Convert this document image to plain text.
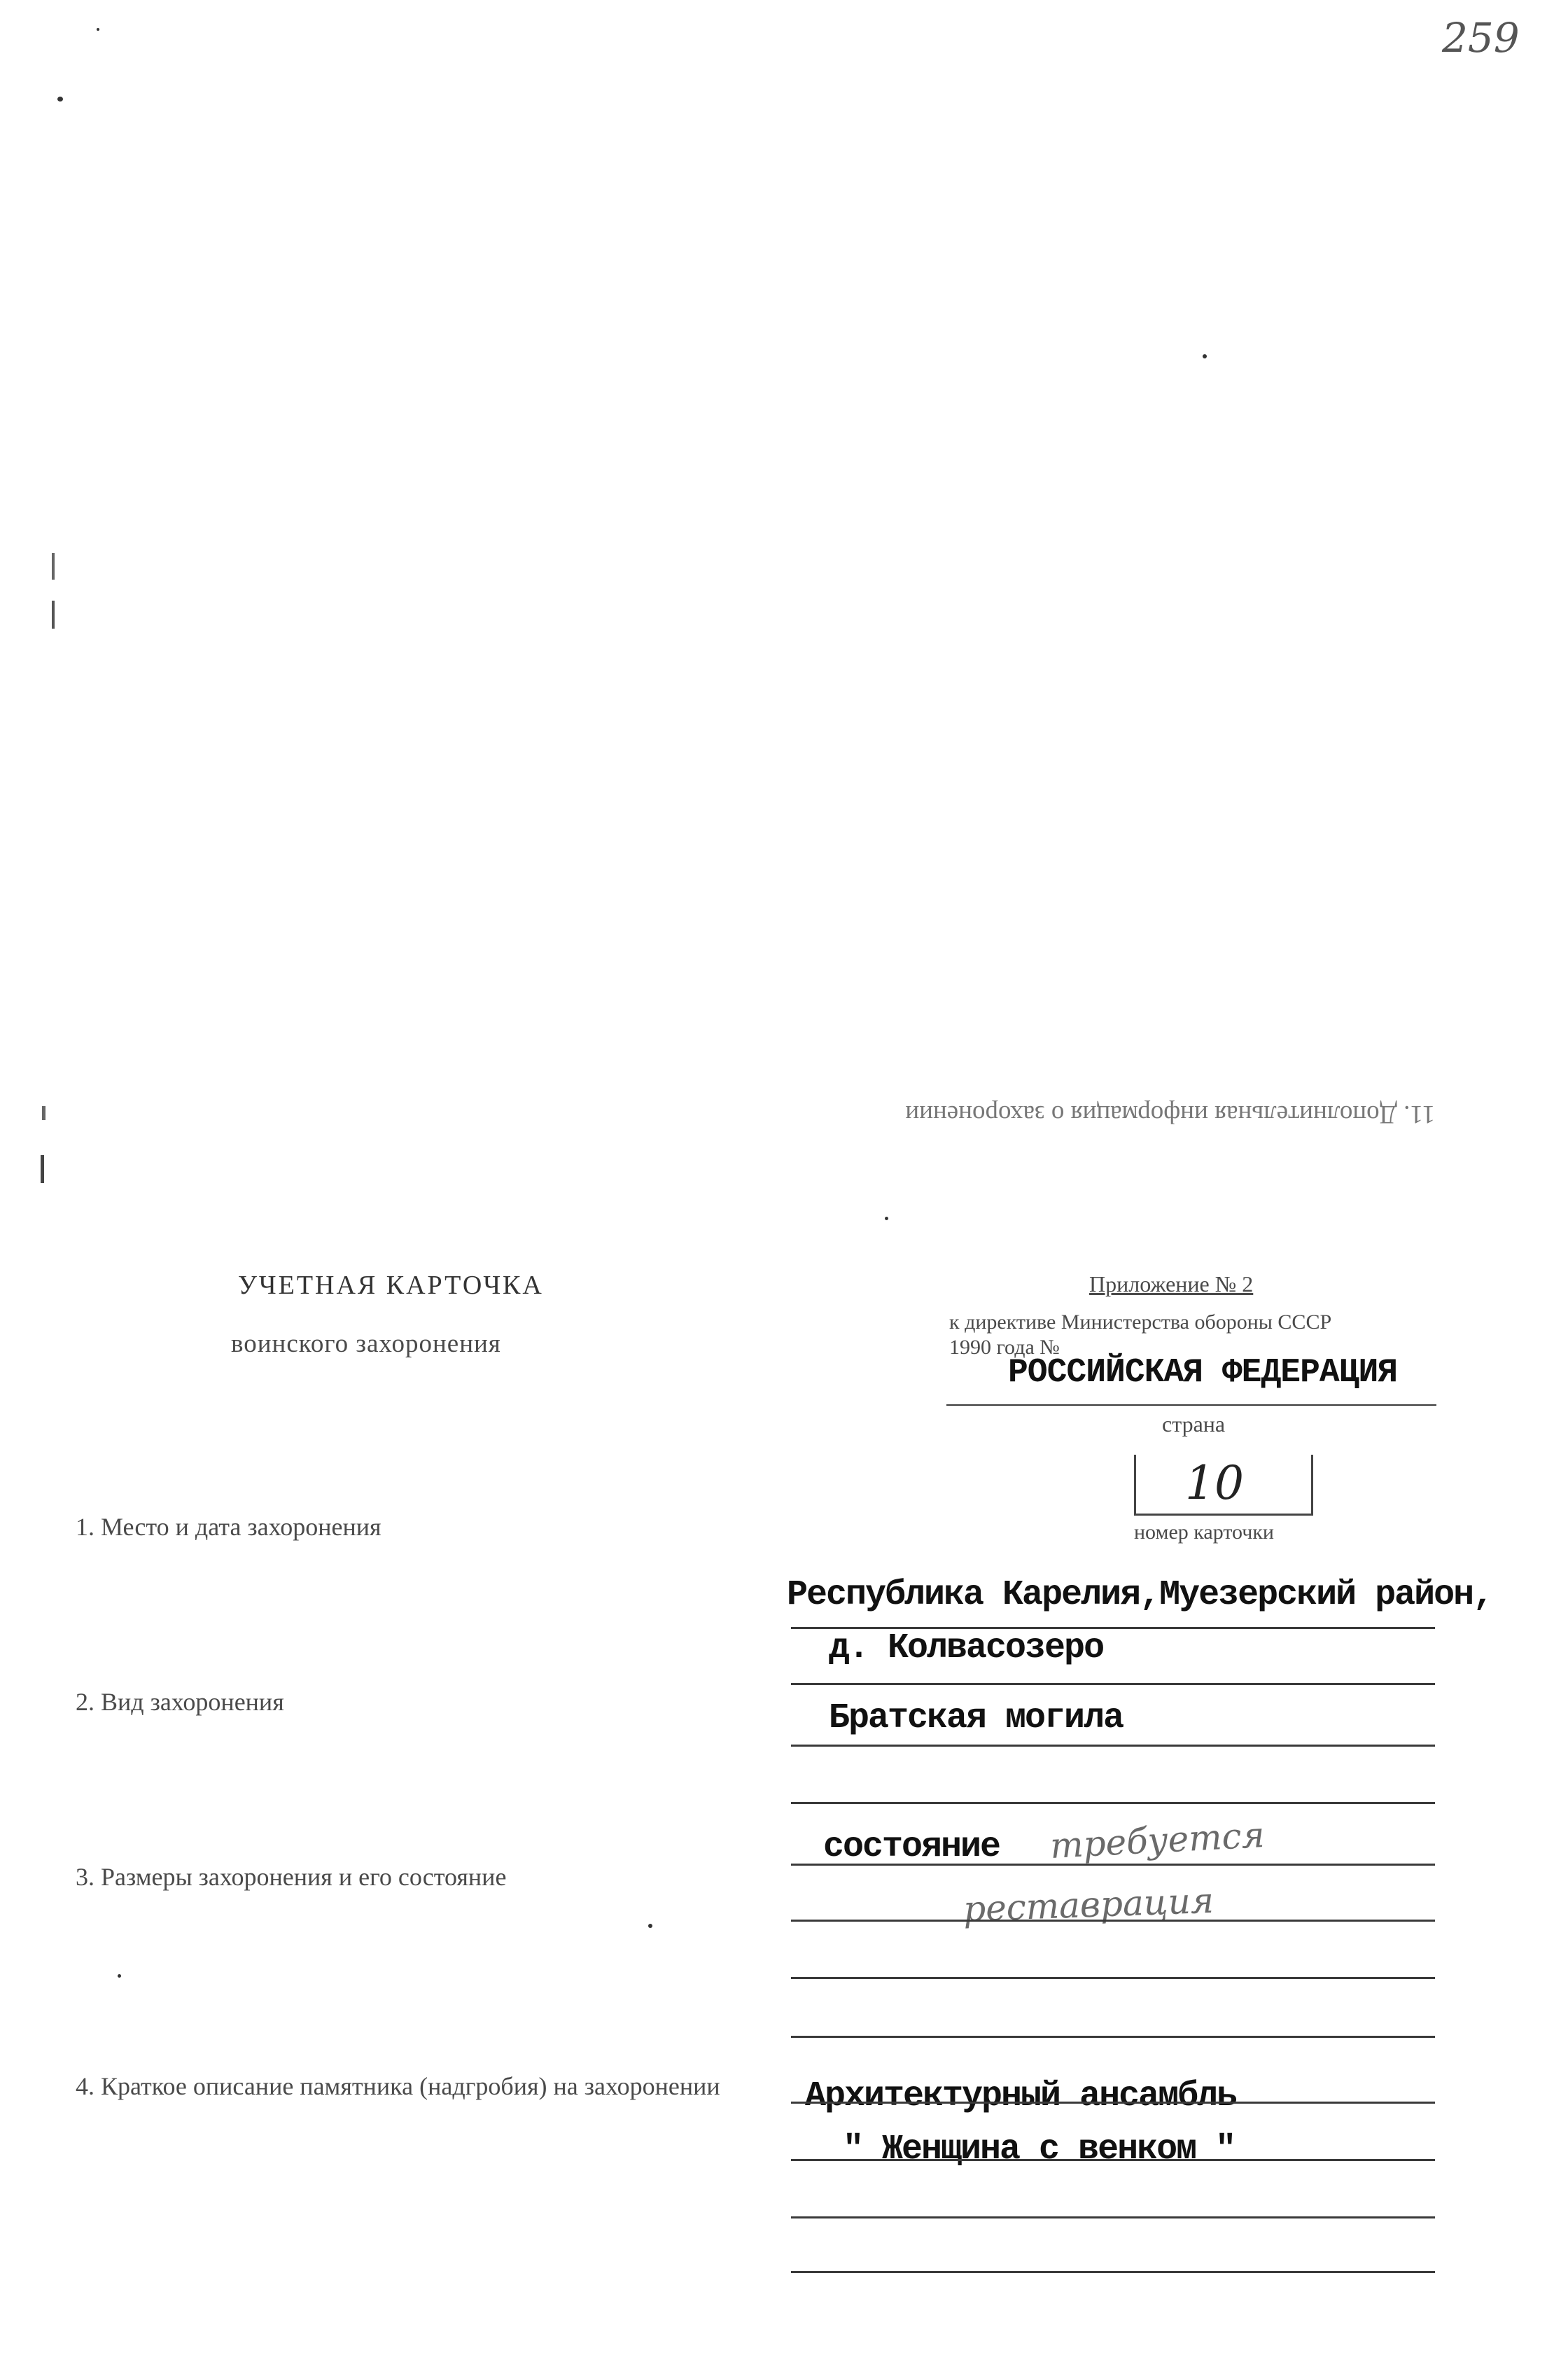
259
11. Дополнительная информация о захоронении
УЧЕТНАЯ КАРТОЧКА
воинского захоронения
Приложение № 2
к директиве Министерства обороны СССР
1990 года №
РОССИЙСКАЯ ФЕДЕРАЦИЯ
страна
10
номер карточки
1. Место и дата захоронения
Республика Карелия,Муезерский район,
д. Колвасозеро
2. Вид захоронения	Братская могила
3. Размеры захоронения и его состояние
состояние требуется
реставрация
4. Краткое описание памятника (надгробия) на захоронении	Архитектурный ансамбль
" Женщина с венком "
